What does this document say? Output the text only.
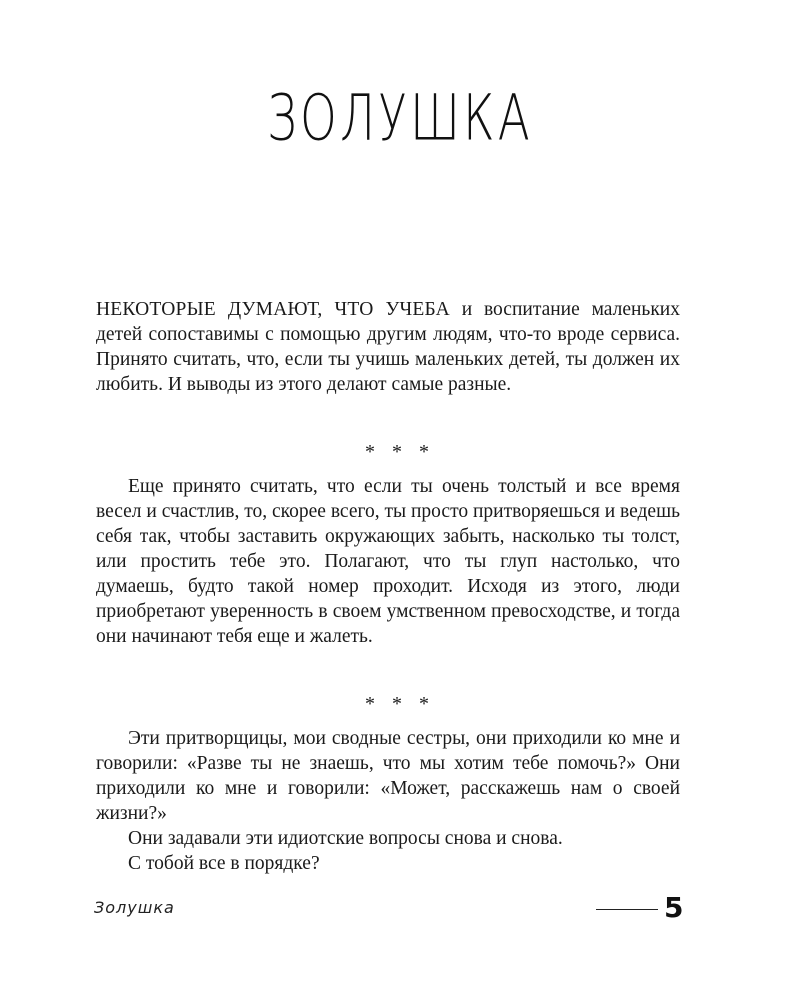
ЗОЛУШКА

НЕКОТОРЫЕ ДУМАЮТ, ЧТО УЧЕБА и воспитание маленьких детей сопоставимы с помощью другим людям, что-то вроде сервиса. Принято считать, что, если ты учишь маленьких детей, ты должен их любить. И выводы из этого делают самые разные.

* * *

Еще принято считать, что если ты очень толстый и все время весел и счастлив, то, скорее всего, ты просто притворяешься и ведешь себя так, чтобы заставить окружающих забыть, насколько ты толст, или простить тебе это. Полагают, что ты глуп настолько, что думаешь, будто такой номер проходит. Исходя из этого, люди приобретают уверенность в своем умственном превосходстве, и тогда они начинают тебя еще и жалеть.

* * *

Эти притворщицы, мои сводные сестры, они приходили ко мне и говорили: «Разве ты не знаешь, что мы хотим тебе помочь?» Они приходили ко мне и говорили: «Может, расскажешь нам о своей жизни?»

Они задавали эти идиотские вопросы снова и снова.

С тобой все в порядке?

Золушка	5
